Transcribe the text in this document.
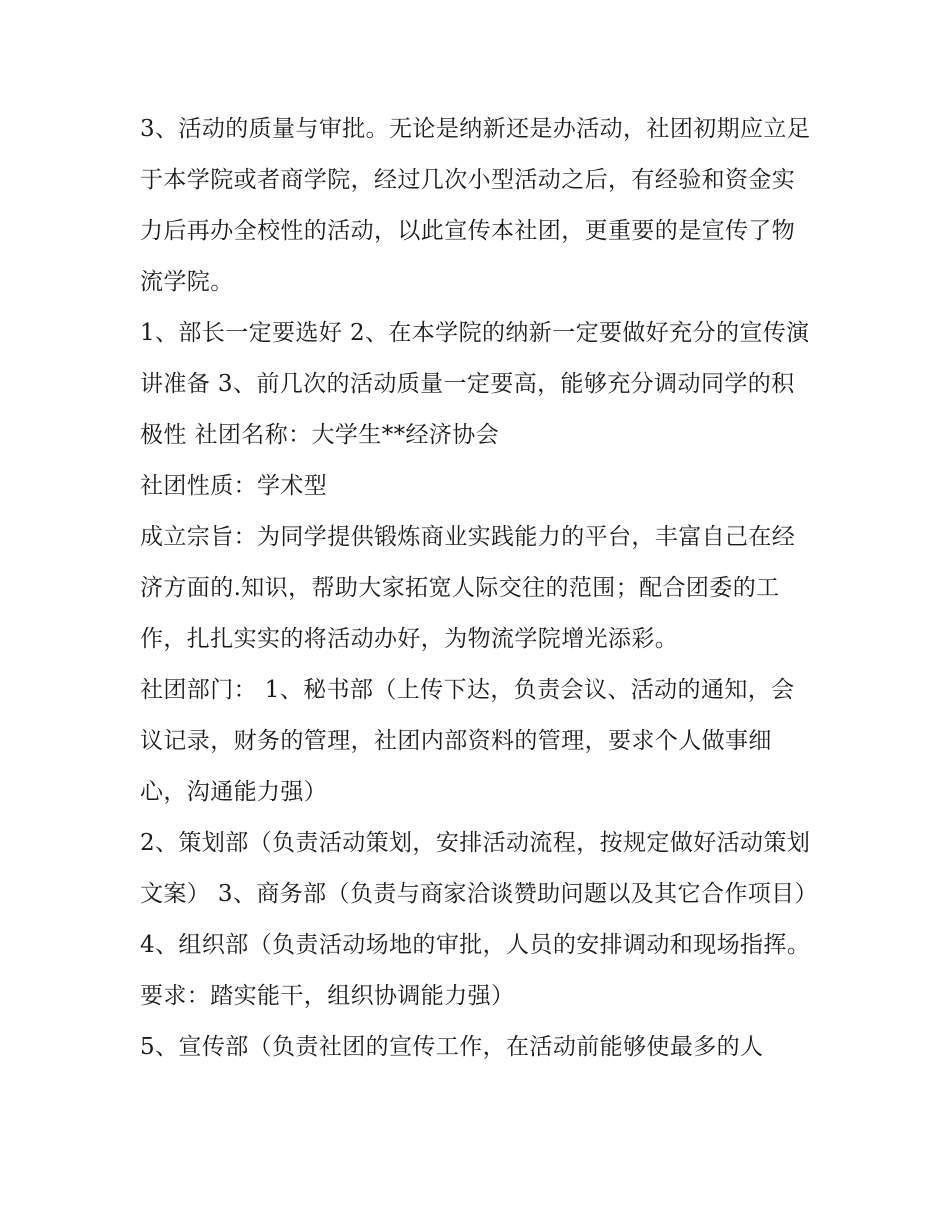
3、活动的质量与审批。无论是纳新还是办活动，社团初期应立足于本学院或者商学院，经过几次小型活动之后，有经验和资金实力后再办全校性的活动，以此宣传本社团，更重要的是宣传了物流学院。

1、部长一定要选好 2、在本学院的纳新一定要做好充分的宣传演讲准备 3、前几次的活动质量一定要高，能够充分调动同学的积极性 社团名称：大学生**经济协会

社团性质：学术型

成立宗旨：为同学提供锻炼商业实践能力的平台，丰富自己在经济方面的.知识，帮助大家拓宽人际交往的范围；配合团委的工作，扎扎实实的将活动办好，为物流学院增光添彩。

社团部门： 1、秘书部（上传下达，负责会议、活动的通知，会议记录，财务的管理，社团内部资料的管理，要求个人做事细心，沟通能力强）

2、策划部（负责活动策划，安排活动流程，按规定做好活动策划文案） 3、商务部（负责与商家洽谈赞助问题以及其它合作项目）

4、组织部（负责活动场地的审批，人员的安排调动和现场指挥。要求：踏实能干，组织协调能力强）

5、宣传部（负责社团的宣传工作，在活动前能够使最多的人
